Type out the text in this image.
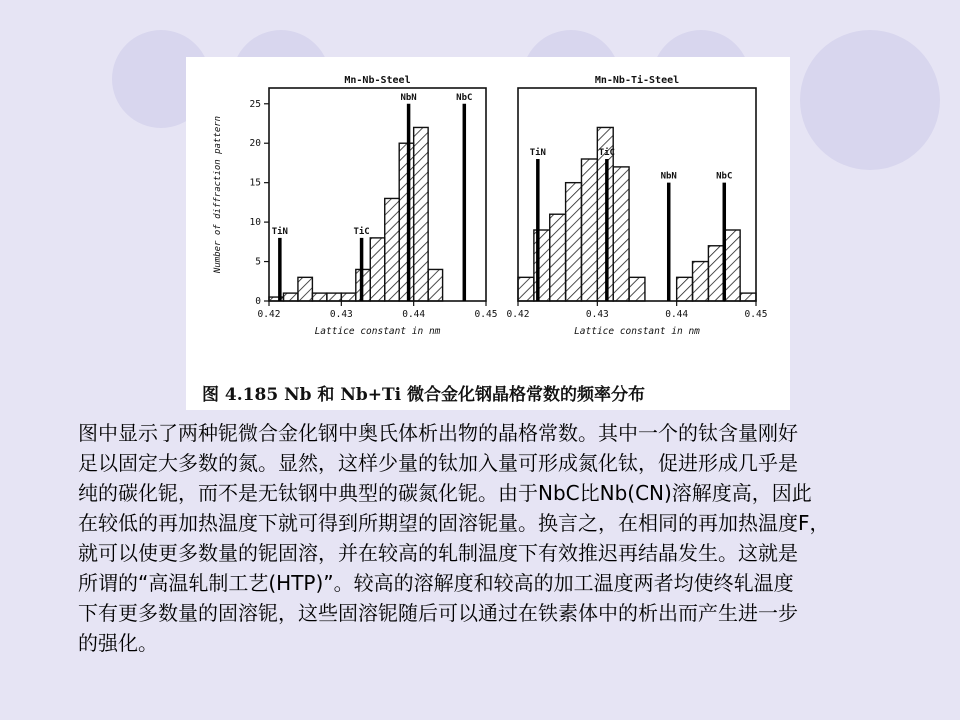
Mn-Nb-Steel
TiN	TiC
NbN	NbC
0.42	0.43	0.44	0.45
0
5
10
15
20
25
Lattice constant in nm
Number of diffraction pattern
Mn-Nb-Ti-Steel
TiN	TiC
NbN	NbC
0.42	0.43	0.44	0.45
Lattice constant in nm
图 4.185 Nb 和 Nb+Ti 微合金化钢晶格常数的频率分布
图中显示了两种铌微合金化钢中奥氏体析出物的晶格常数。其中一个的钛含量刚好
足以固定大多数的氮。显然，这样少量的钛加入量可形成氮化钛，促进形成几乎是
纯的碳化铌，而不是无钛钢中典型的碳氮化铌。由于NbC比Nb(CN)溶解度高，因此
在较低的再加热温度下就可得到所期望的固溶铌量。换言之，在相同的再加热温度F，
就可以使更多数量的铌固溶，并在较高的轧制温度下有效推迟再结晶发生。这就是
所谓的“高温轧制工艺(HTP)”。较高的溶解度和较高的加工温度两者均使终轧温度
下有更多数量的固溶铌，这些固溶铌随后可以通过在铁素体中的析出而产生进一步
的强化。
